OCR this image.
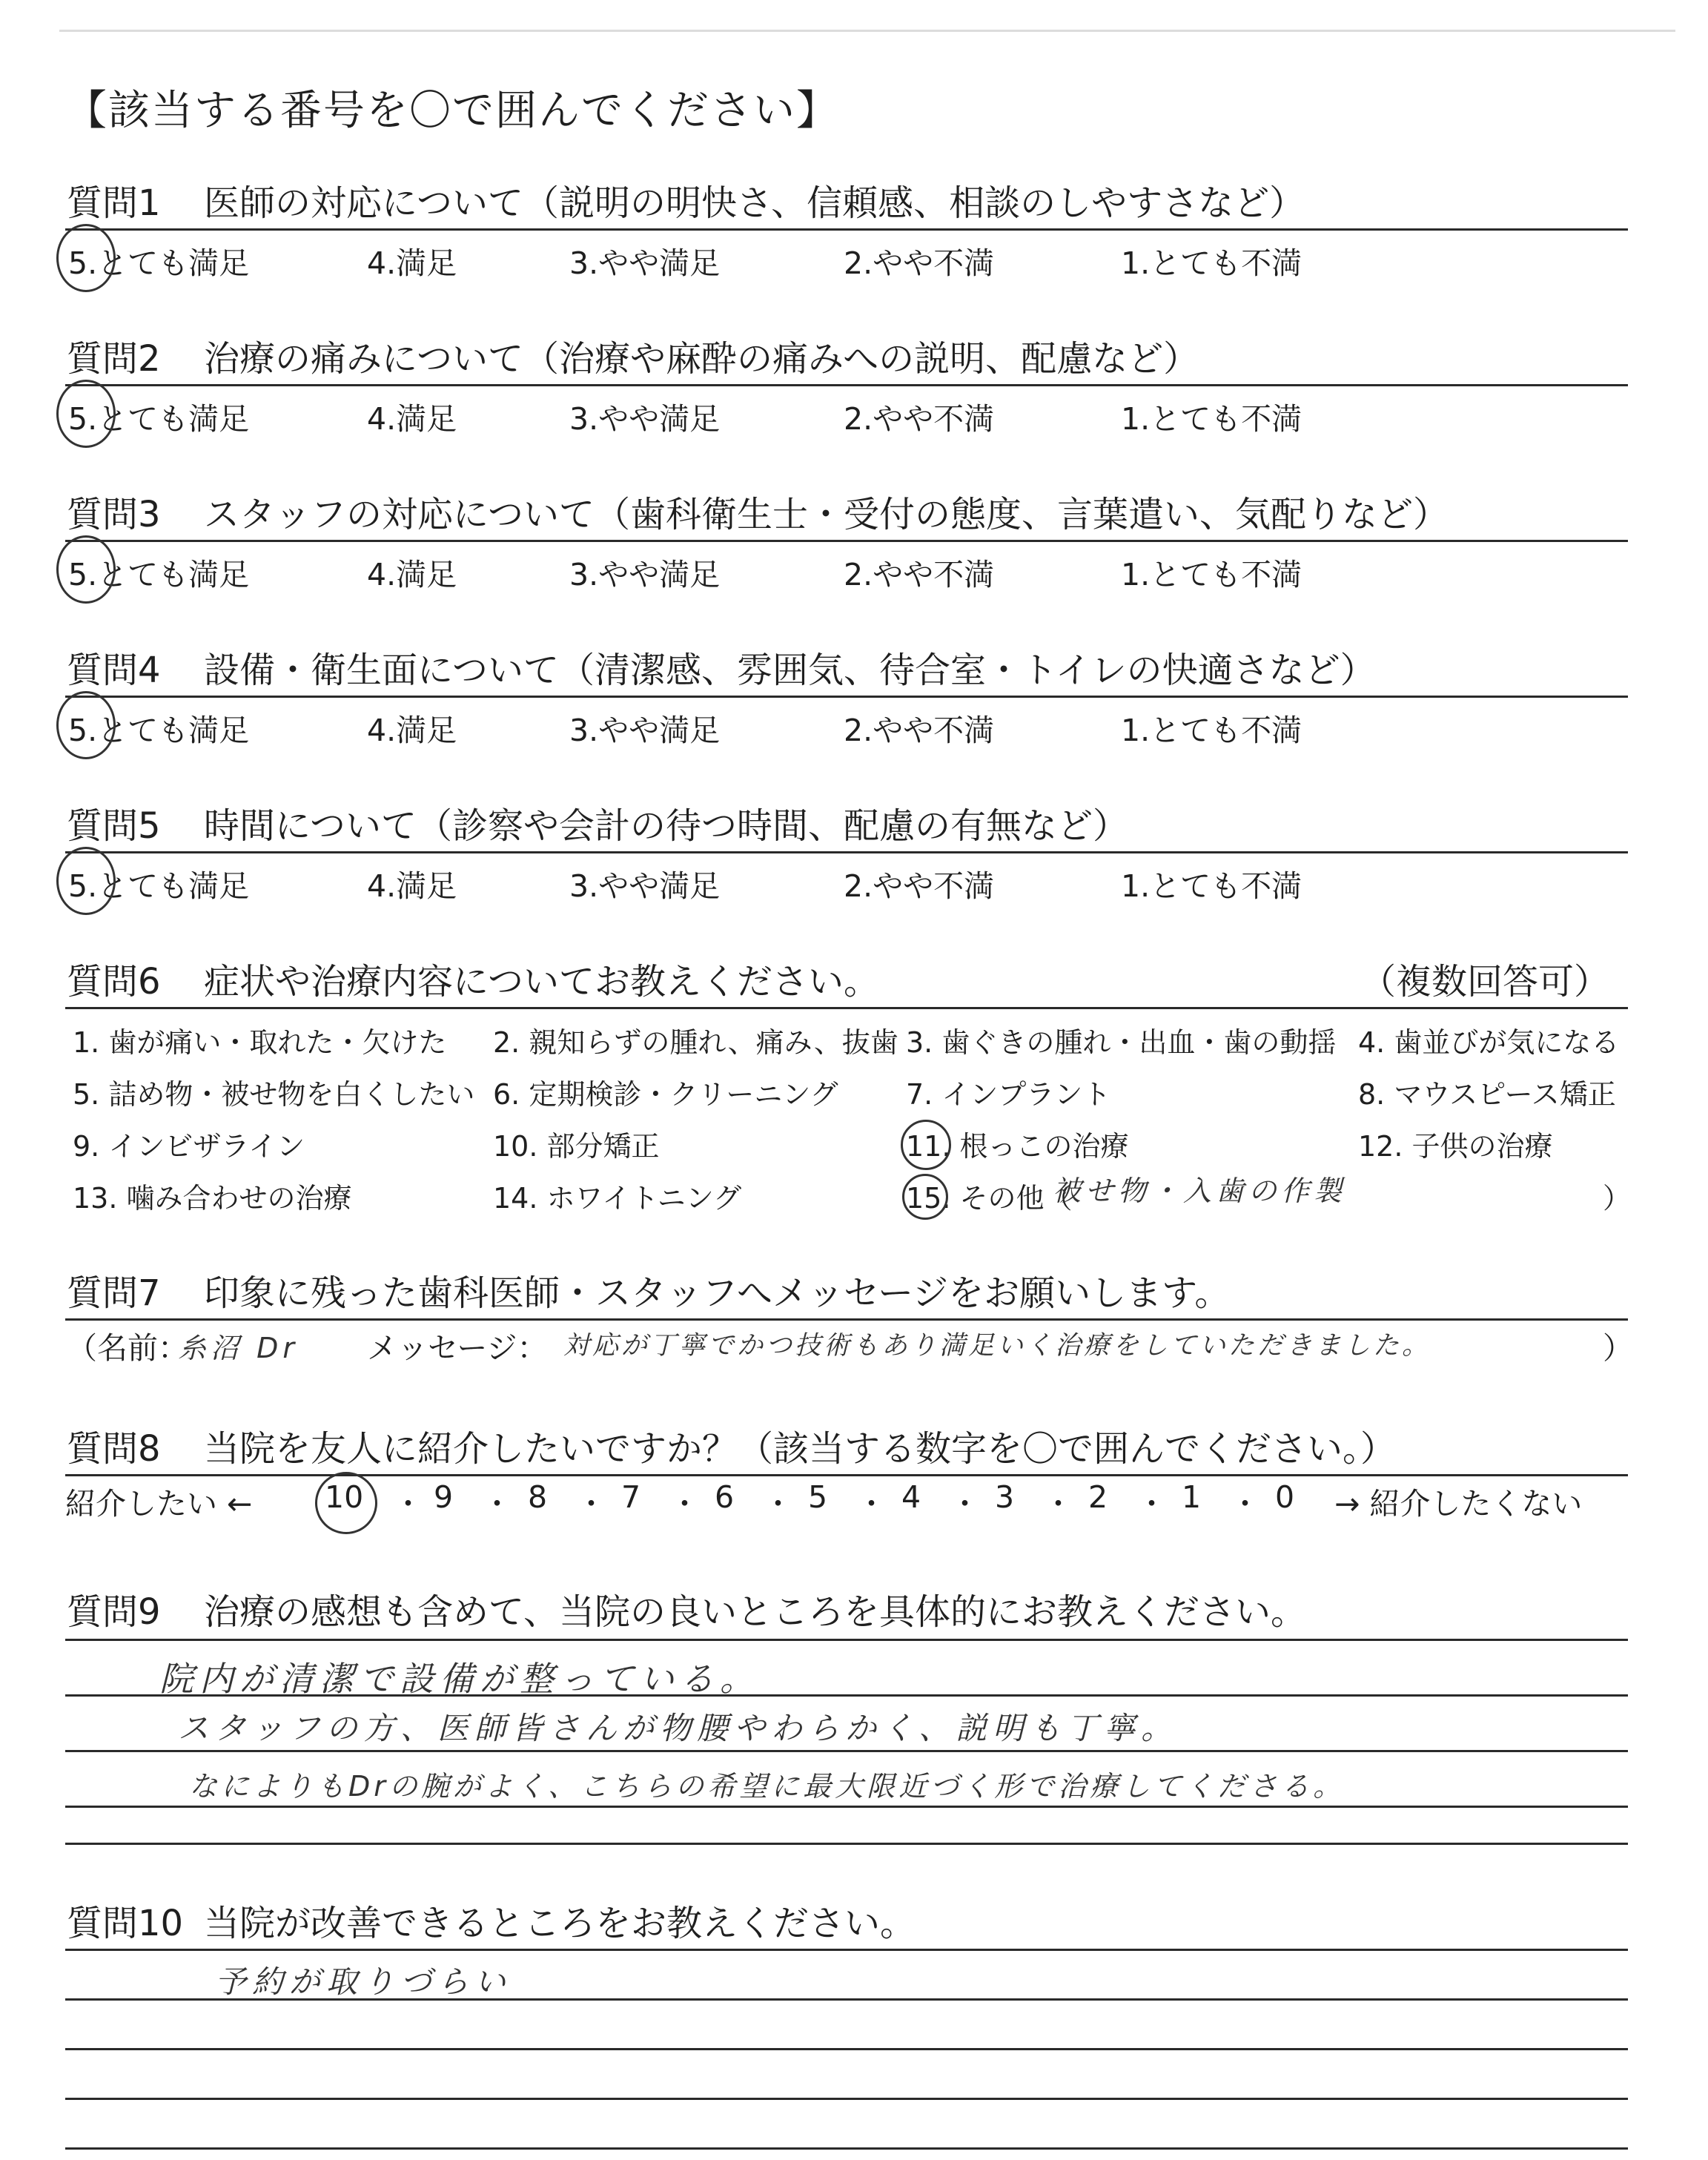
【該当する番号を〇で囲んでください】
質問1 医師の対応について（説明の明快さ、信頼感、相談のしやすさなど）
5.とても満足	4.満足	3.やや満足	2.やや不満	1.とても不満
質問2 治療の痛みについて（治療や麻酔の痛みへの説明、配慮など）
5.とても満足	4.満足	3.やや満足	2.やや不満	1.とても不満
質問3 スタッフの対応について（歯科衛生士・受付の態度、言葉遣い、気配りなど）
5.とても満足	4.満足	3.やや満足	2.やや不満	1.とても不満
質問4 設備・衛生面について（清潔感、雰囲気、待合室・トイレの快適さなど）
5.とても満足	4.満足	3.やや満足	2.やや不満	1.とても不満
質問5 時間について（診察や会計の待つ時間、配慮の有無など）
5.とても満足	4.満足	3.やや満足	2.やや不満	1.とても不満
質問6 症状や治療内容についてお教えください。	（複数回答可）
1. 歯が痛い・取れた・欠けた 2. 親知らずの腫れ、痛み、抜歯 3. 歯ぐきの腫れ・出血・歯の動揺 4. 歯並びが気になる
5. 詰め物・被せ物を白くしたい 6. 定期検診・クリーニング 7. インプラント	8. マウスピース矯正
9. インビザライン	10. 部分矯正	11. 根っこの治療	12. 子供の治療
13. 噛み合わせの治療	14. ホワイトニング	15. その他（
被せ物・入歯の作製	）
質問7 印象に残った歯科医師・スタッフへメッセージをお願いします。
（名前：
糸沼 Dr メッセージ： 対応が丁寧でかつ技術もあり満足いく治療をしていただきました。	）
質問8 当院を友人に紹介したいですか？（該当する数字を〇で囲んでください。）
紹介したい ← 10 ・ 9 ・ 8 ・ 7 ・ 6 ・ 5 ・ 4 ・ 3 ・ 2 ・ 1 ・ 0 → 紹介したくない
質問9 治療の感想も含めて、当院の良いところを具体的にお教えください。
院内が清潔で設備が整っている。
スタッフの方、医師皆さんが物腰やわらかく、説明も丁寧。
なによりもDrの腕がよく、こちらの希望に最大限近づく形で治療してくださる。
質問10 当院が改善できるところをお教えください。
予約が取りづらい
